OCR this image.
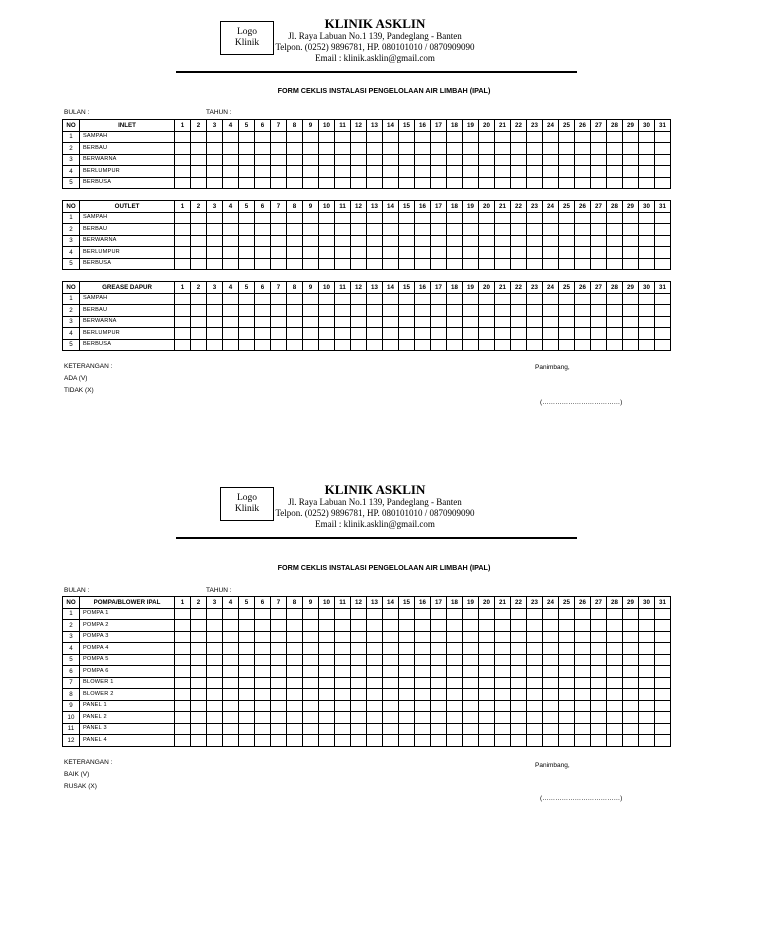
Logo
Klinik
KLINIK ASKLIN
Jl. Raya Labuan No.1 139, Pandeglang - Banten
Telpon. (0252) 9896781, HP. 080101010 / 0870909090
Email : klinik.asklin@gmail.com
FORM CEKLIS INSTALASI PENGELOLAAN AIR LIMBAH (IPAL)
BULAN :	TAHUN :
NO	INLET	1	2	3	4	5	6	7	8	9	10	11	12	13	14	15	16	17	18	19	20	21	22	23	24	25	26	27	28	29	30	31
1	SAMPAH																															
2	BERBAU																															
3	BERWARNA																															
4	BERLUMPUR																															
5	BERBUSA																															
NO	OUTLET	1	2	3	4	5	6	7	8	9	10	11	12	13	14	15	16	17	18	19	20	21	22	23	24	25	26	27	28	29	30	31
1	SAMPAH																															
2	BERBAU																															
3	BERWARNA																															
4	BERLUMPUR																															
5	BERBUSA																															
NO	GREASE DAPUR	1	2	3	4	5	6	7	8	9	10	11	12	13	14	15	16	17	18	19	20	21	22	23	24	25	26	27	28	29	30	31
1	SAMPAH																															
2	BERBAU																															
3	BERWARNA																															
4	BERLUMPUR																															
5	BERBUSA																															
KETERANGAN :
ADA (V)
TIDAK (X)
Panimbang,
(………………………………)
Logo
Klinik
KLINIK ASKLIN
Jl. Raya Labuan No.1 139, Pandeglang - Banten
Telpon. (0252) 9896781, HP. 080101010 / 0870909090
Email : klinik.asklin@gmail.com
FORM CEKLIS INSTALASI PENGELOLAAN AIR LIMBAH (IPAL)
BULAN :	TAHUN :
NO	POMPA/BLOWER IPAL	1	2	3	4	5	6	7	8	9	10	11	12	13	14	15	16	17	18	19	20	21	22	23	24	25	26	27	28	29	30	31
1	POMPA 1																															
2	POMPA 2																															
3	POMPA 3																															
4	POMPA 4																															
5	POMPA 5																															
6	POMPA 6																															
7	BLOWER 1																															
8	BLOWER 2																															
9	PANEL 1																															
10	PANEL 2																															
11	PANEL 3																															
12	PANEL 4																															
KETERANGAN :
BAIK (V)
RUSAK (X)
Panimbang,
(………………………………)
